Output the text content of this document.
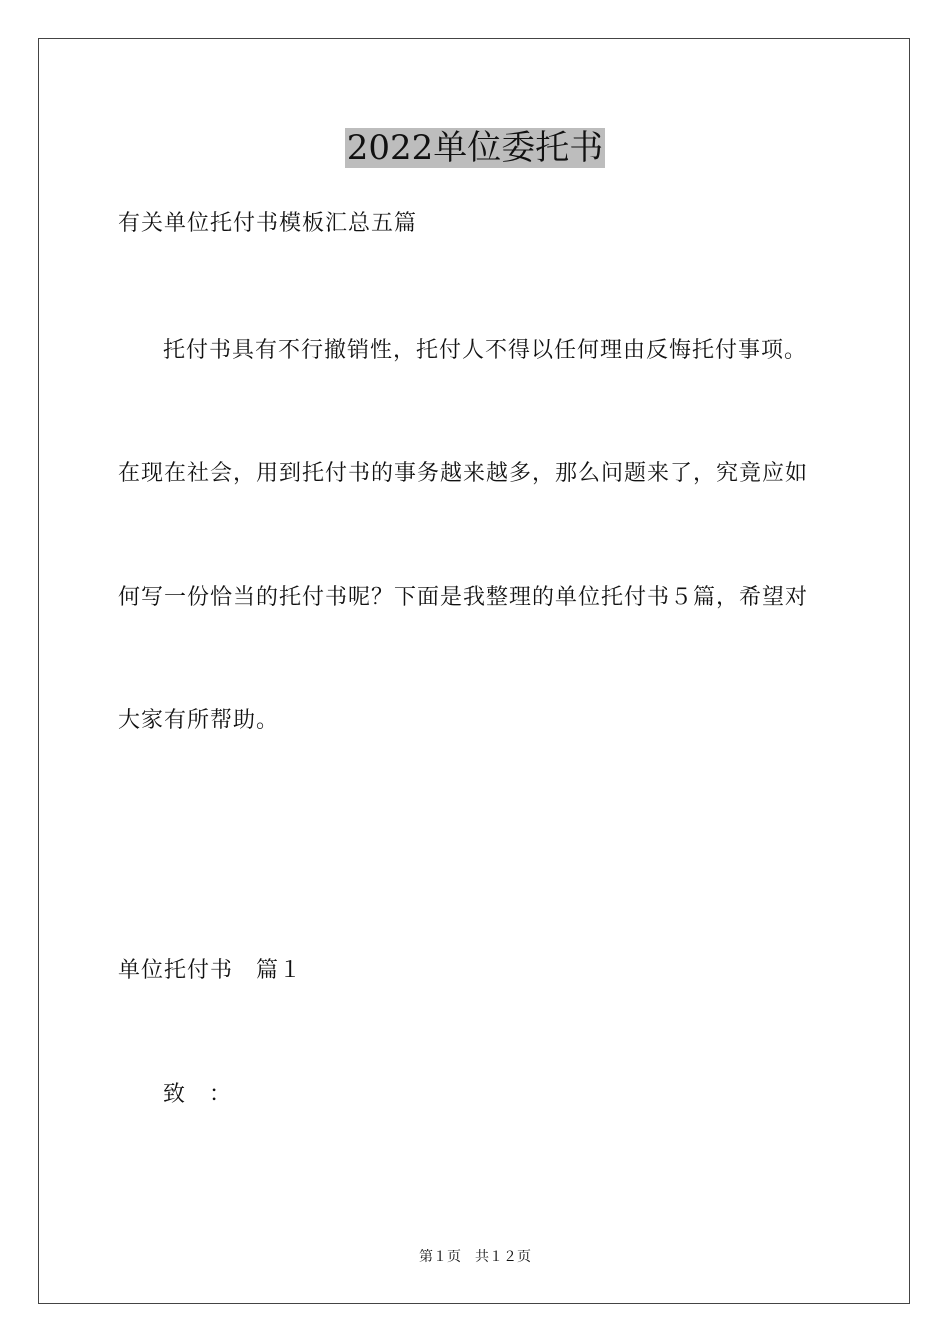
2022单位委托书
有关单位托付书模板汇总五篇
托付书具有不行撤销性，托付人不得以任何理由反悔托付事项。
在现在社会，用到托付书的事务越来越多，那么问题来了，究竟应如
何写一份恰当的托付书呢？下面是我整理的单位托付书５篇，希望对
大家有所帮助。
单位托付书　篇１
致　：
第１页　共１２页
